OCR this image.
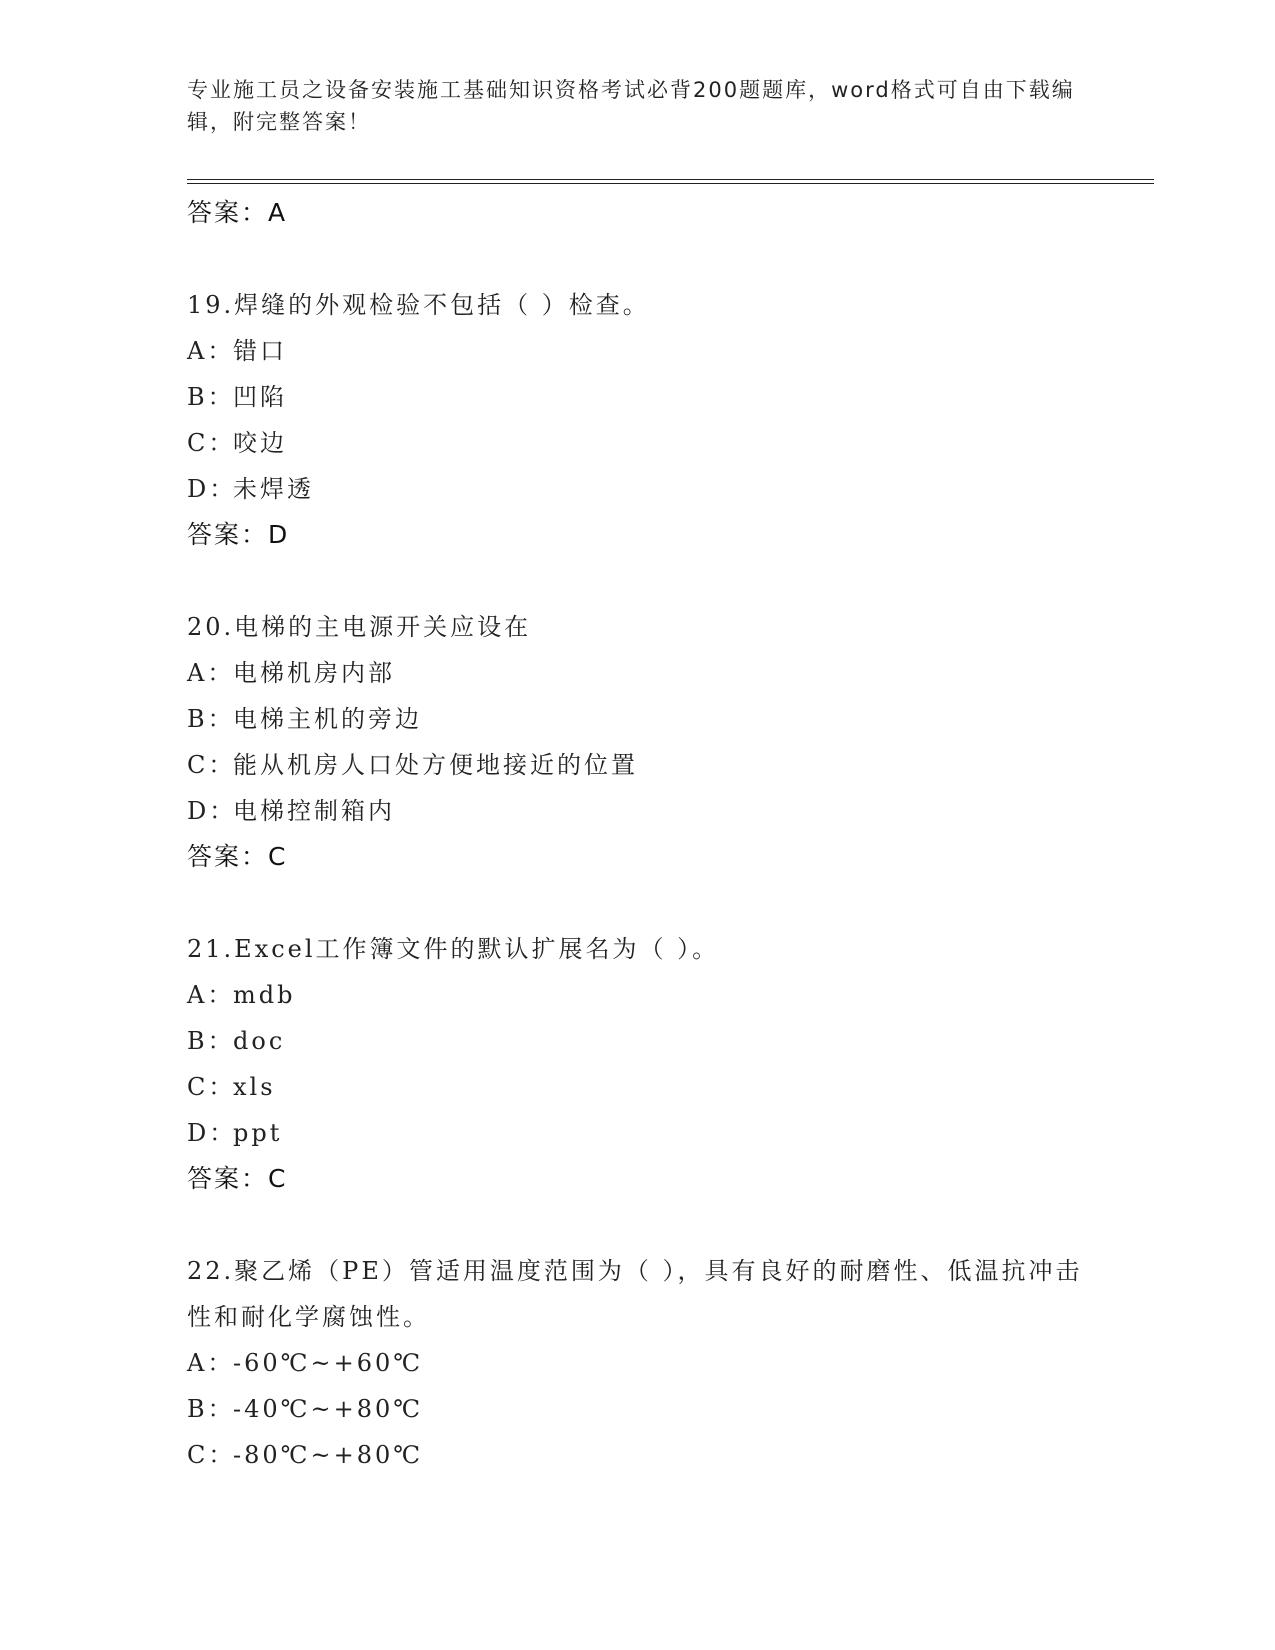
专业施工员之设备安装施工基础知识资格考试必背200题题库，word格式可自由下载编辑，附完整答案！
答案：A
19.焊缝的外观检验不包括（ ）检查。
A：错口
B：凹陷
C：咬边
D：未焊透
答案：D
20.电梯的主电源开关应设在
A：电梯机房内部
B：电梯主机的旁边
C：能从机房人口处方便地接近的位置
D：电梯控制箱内
答案：C
21.Excel工作簿文件的默认扩展名为（ ）。
A：mdb
B：doc
C：xls
D：ppt
答案：C
22.聚乙烯（PE）管适用温度范围为（ ），具有良好的耐磨性、低温抗冲击性和耐化学腐蚀性。
A：-60℃~+60℃
B：-40℃~+80℃
C：-80℃~+80℃
